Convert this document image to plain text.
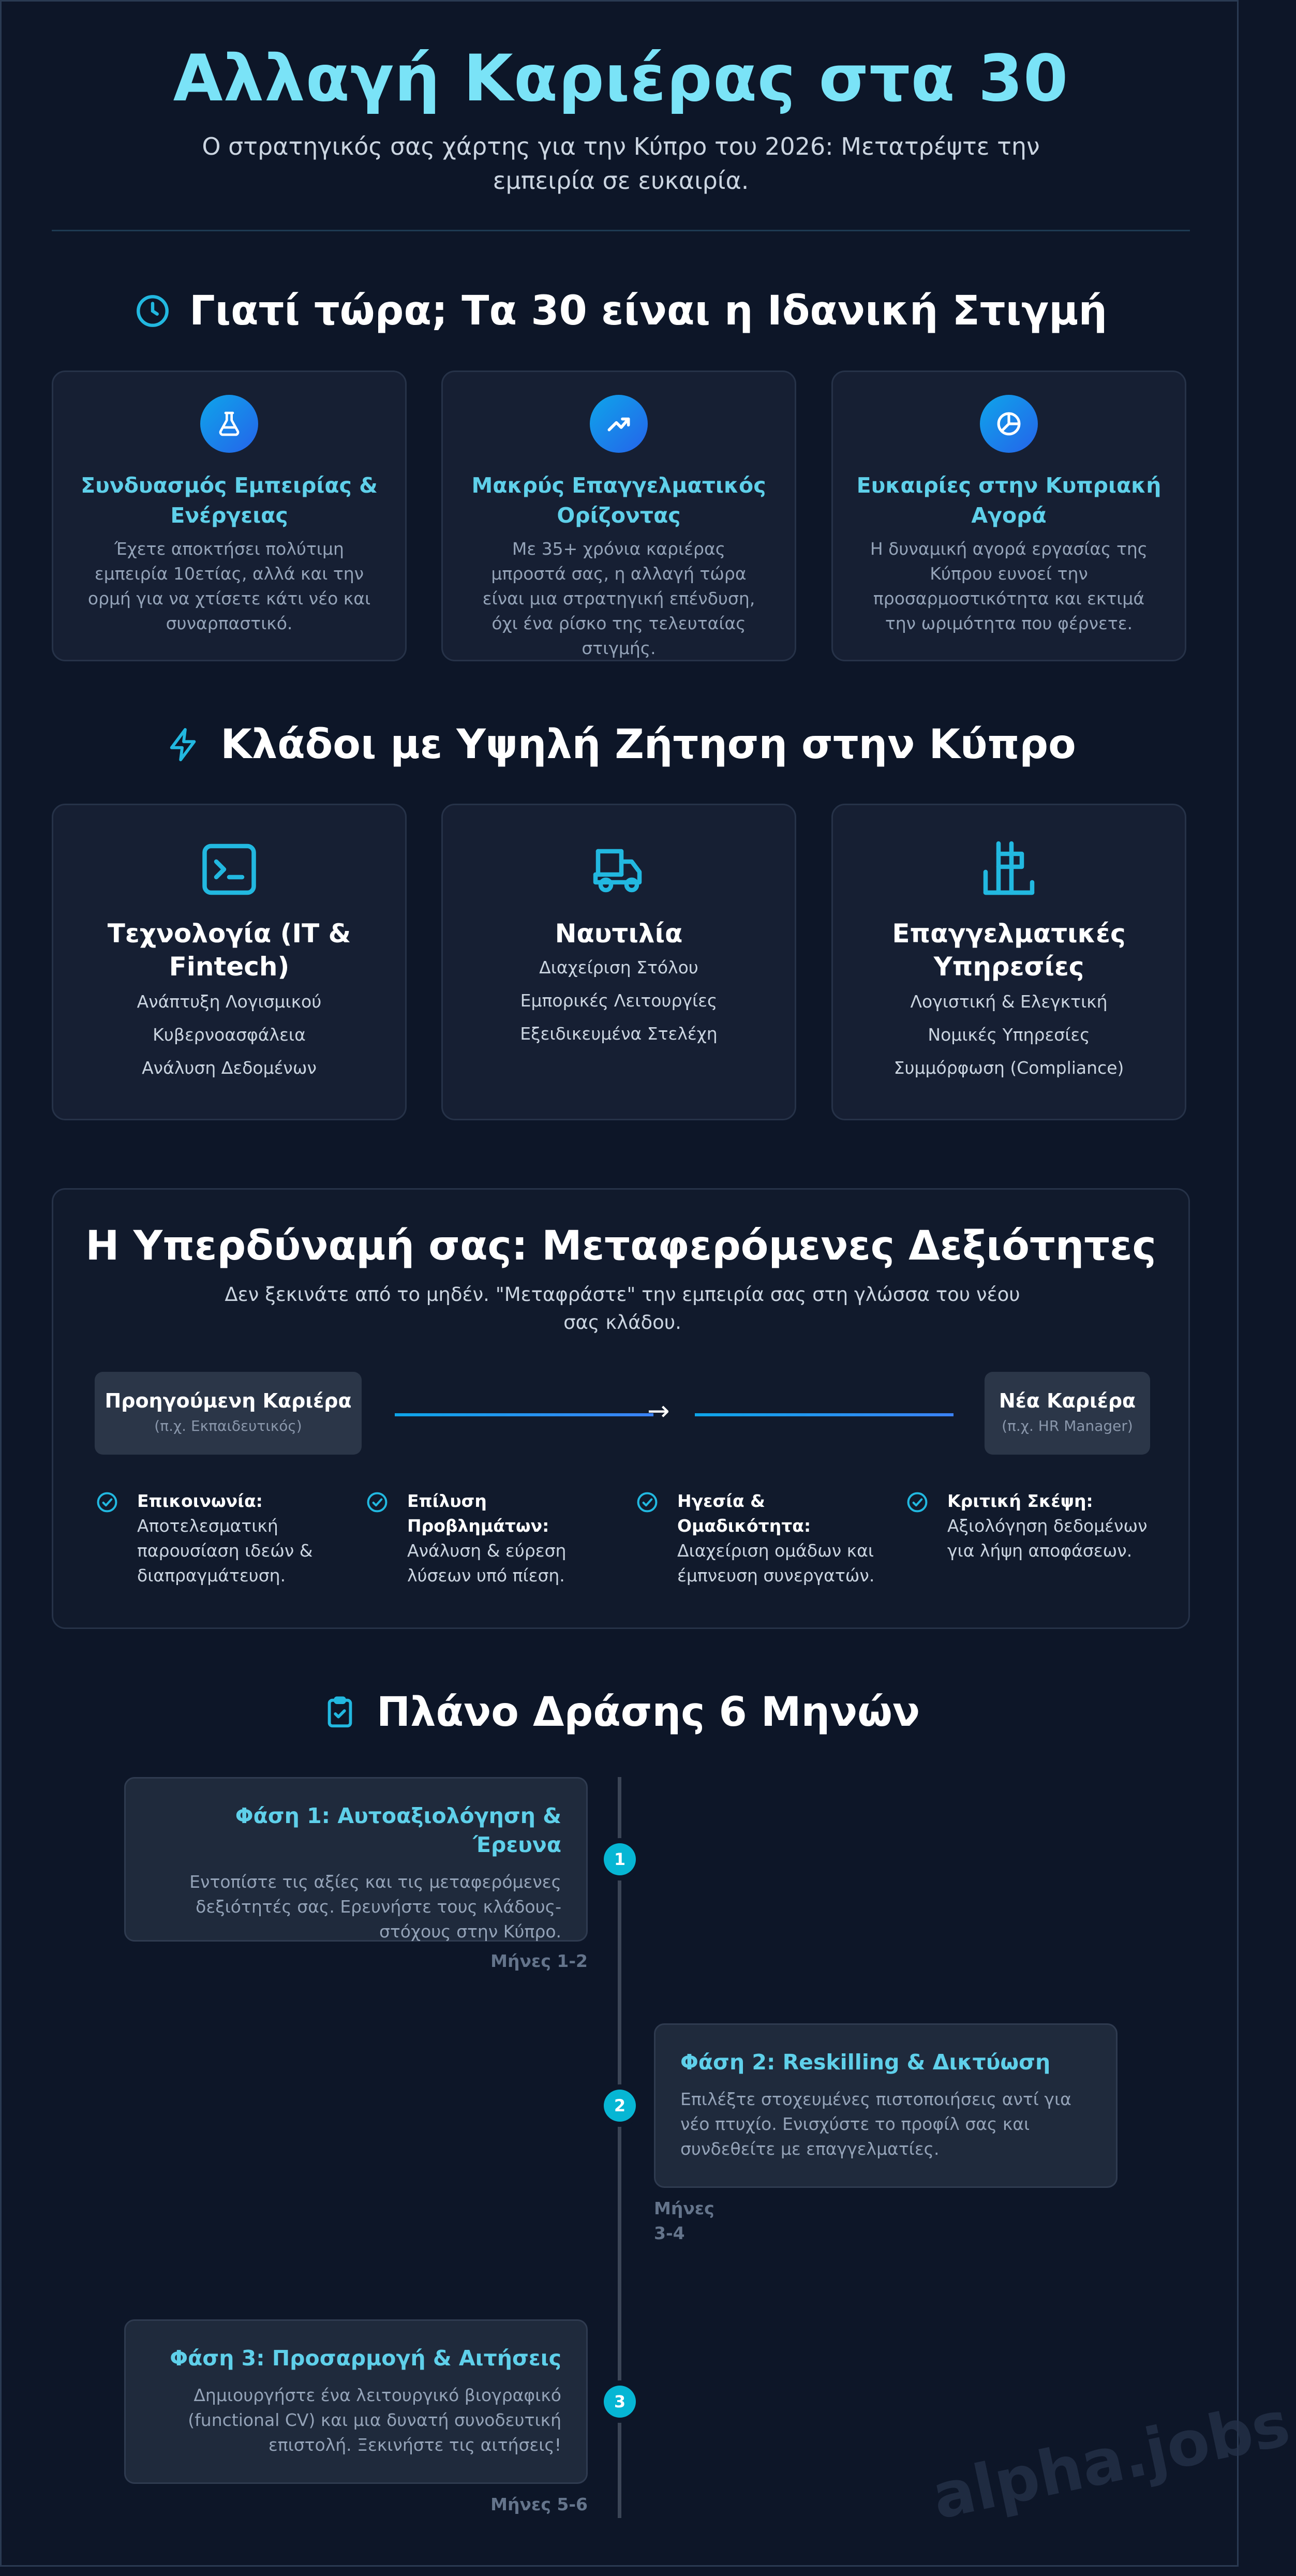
Αλλαγή Καριέρας στα 30
Ο στρατηγικός σας χάρτης για την Κύπρο του 2026: Μετατρέψτε την εμπειρία σε ευκαιρία.
Γιατί τώρα; Τα 30 είναι η Ιδανική Στιγμή
Συνδυασμός Εμπειρίας & Ενέργειας
Έχετε αποκτήσει πολύτιμη εμπειρία 10ετίας, αλλά και την ορμή για να χτίσετε κάτι νέο και συναρπαστικό.
Μακρύς Επαγγελματικός Ορίζοντας
Με 35+ χρόνια καριέρας μπροστά σας, η αλλαγή τώρα είναι μια στρατηγική επένδυση, όχι ένα ρίσκο της τελευταίας στιγμής.
Ευκαιρίες στην Κυπριακή Αγορά
Η δυναμική αγορά εργασίας της Κύπρου ευνοεί την προσαρμοστικότητα και εκτιμά την ωριμότητα που φέρνετε.
Κλάδοι με Υψηλή Ζήτηση στην Κύπρο
Τεχνολογία (IT & Fintech)
Ανάπτυξη Λογισμικού
Κυβερνοασφάλεια
Ανάλυση Δεδομένων
Ναυτιλία
Διαχείριση Στόλου
Εμπορικές Λειτουργίες
Εξειδικευμένα Στελέχη
Επαγγελματικές Υπηρεσίες
Λογιστική & Ελεγκτική
Νομικές Υπηρεσίες
Συμμόρφωση (Compliance)
Η Υπερδύναμή σας: Μεταφερόμενες Δεξιότητες
Δεν ξεκινάτε από το μηδέν. "Μεταφράστε" την εμπειρία σας στη γλώσσα του νέου σας κλάδου.
Προηγούμενη Καριέρα
(π.χ. Εκπαιδευτικός)	→	Νέα Καριέρα
(π.χ. HR Manager)
Επικοινωνία:
Αποτελεσματική παρουσίαση ιδεών & διαπραγμάτευση.
Επίλυση Προβλημάτων:
Ανάλυση & εύρεση λύσεων υπό πίεση.
Ηγεσία & Ομαδικότητα:
Διαχείριση ομάδων και έμπνευση συνεργατών.
Κριτική Σκέψη:
Αξιολόγηση δεδομένων για λήψη αποφάσεων.
Πλάνο Δράσης 6 Μηνών
Φάση 1: Αυτοαξιολόγηση & Έρευνα
Εντοπίστε τις αξίες και τις μεταφερόμενες δεξιότητές σας. Ερευνήστε τους κλάδους-στόχους στην Κύπρο.
1
Μήνες 1-2
Φάση 2: Reskilling & Δικτύωση
Επιλέξτε στοχευμένες πιστοποιήσεις αντί για νέο πτυχίο. Ενισχύστε το προφίλ σας και συνδεθείτε με επαγγελματίες.
2
Μήνες 3-4
Φάση 3: Προσαρμογή & Αιτήσεις
Δημιουργήστε ένα λειτουργικό βιογραφικό (functional CV) και μια δυνατή συνοδευτική επιστολή. Ξεκινήστε τις αιτήσεις!
3
Μήνες 5-6	alpha.jobs
